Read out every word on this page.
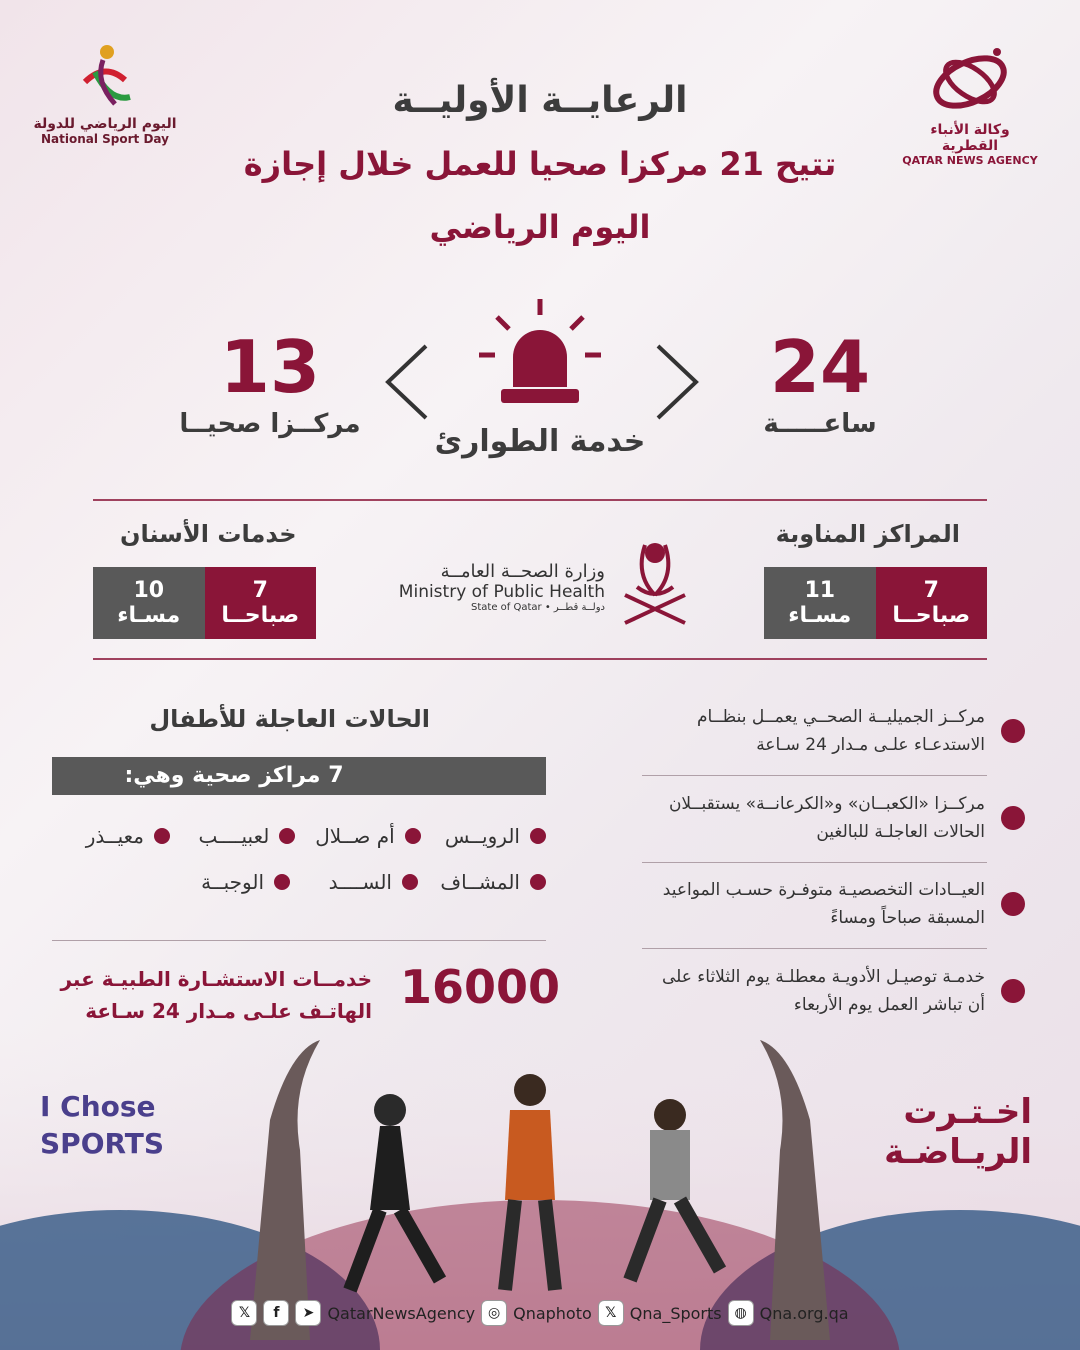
اليوم الرياضي للدولة
National Sport Day
وكالة الأنباء القطرية
QATAR NEWS AGENCY
الرعايــة الأوليــة
تتيح 21 مركزا صحيا للعمل خلال إجازة
اليوم الرياضي
24
ساعـــــة
خدمة الطوارئ
13
مركــزا صحيــا
المراكز المناوبة
11
مسـاء
7
صباحــا
وزارة الصحــة العامــة
Ministry of Public Health
State of Qatar • دولــة قطــر
خدمات الأسنان
10
مسـاء
7
صباحــا
مركــز الجميليــة الصحــي يعمــل بنظــام الاستدعـاء علـى مـدار 24 سـاعة
مركــزا «الكعبــان» و«الكرعانــة» يستقبــلان الحالات العاجلـة للبالغين
العيــادات التخصصيـة متوفـرة حسـب المواعيد المسبقة صباحاً ومساءً
خدمـة توصيـل الأدويـة معطلـة يوم الثلاثاء على أن تباشر العمل يوم الأربعاء
الحالات العاجلة للأطفال
7 مراكز صحية وهي:
الرويــس
أم صــلال
لعبيــــب
معيــذر
المشــاف
الســــد
الوجبــة
16000
خدمــات الاستشـارة الطبيـة عبر الهاتـف علـى مـدار 24 سـاعة
I Chose
SPORTS
اخـتـرت
الريـاضـة
𝕏	f	➤ QatarNewsAgency ◎ Qnaphoto 𝕏 Qna_Sports ◍ Qna.org.qa
